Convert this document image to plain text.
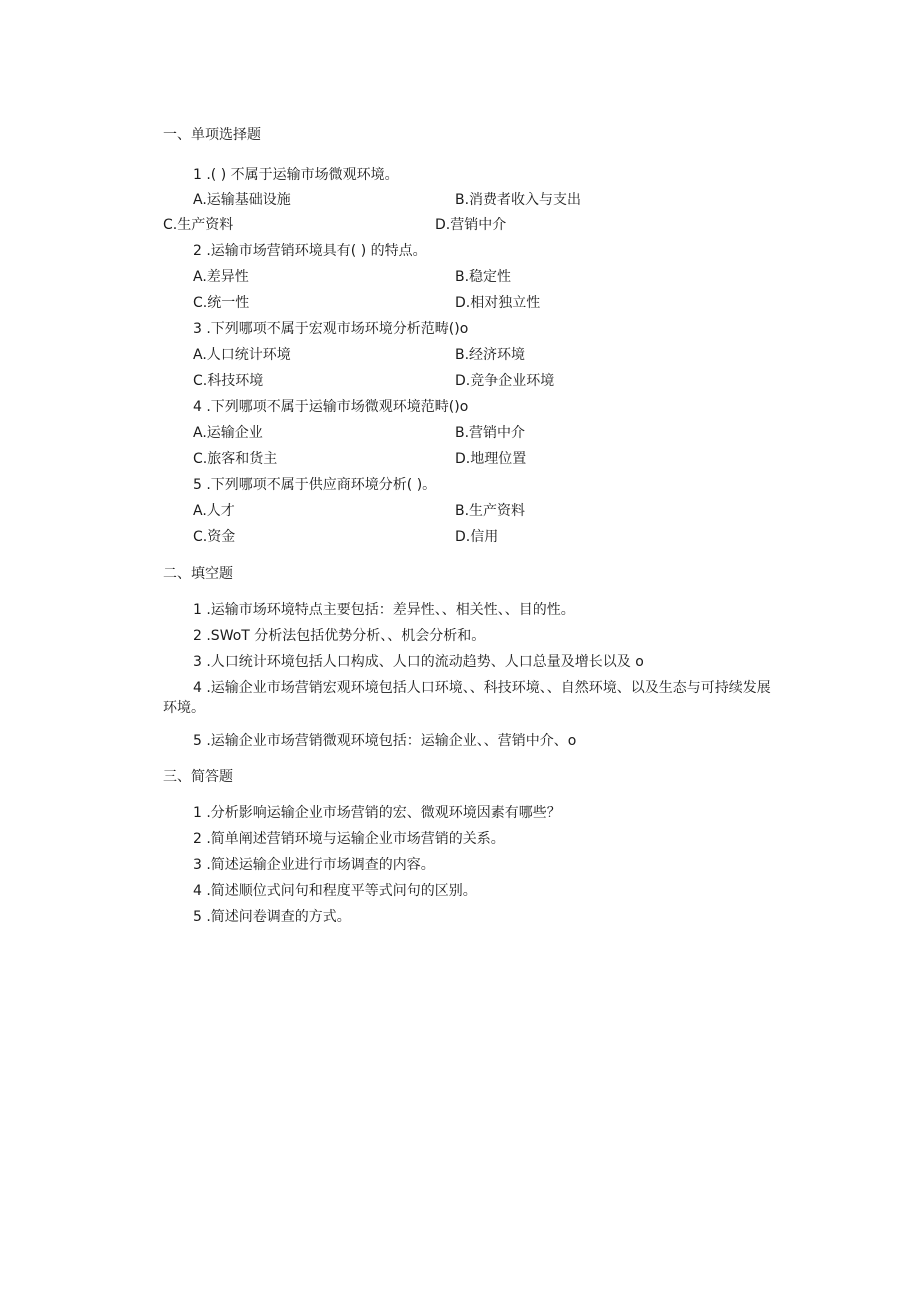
一、单项选择题
1 .( ) 不属于运输市场微观环境。
A.运输基础设施	B.消费者收入与支出
C.生产资料	D.营销中介
2 .运输市场营销环境具有( ) 的特点。
A.差异性	B.稳定性
C.统一性	D.相对独立性
3 .下列哪项不属于宏观市场环境分析范畴()o
A.人口统计环境	B.经济环境
C.科技环境	D.竞争企业环境
4 .下列哪项不属于运输市场微观环境范畤()o
A.运输企业	B.营销中介
C.旅客和货主	D.地理位置
5 .下列哪项不属于供应商环境分析( )。
A.人才	B.生产资料
C.资金	D.信用
二、填空题
1 .运输市场环境特点主要包括：差异性、、相关性、、目的性。
2 .SWoT 分析法包括优势分析、、机会分析和。
3 .人口统计环境包括人口构成、人口的流动趋势、人口总量及增长以及 o
4 .运输企业市场营销宏观环境包括人口环境、、科技环境、、自然环境、以及生态与可持续发展环境。
5 .运输企业市场营销微观环境包括：运输企业、、营销中介、o
三、简答题
1 .分析影响运输企业市场营销的宏、微观环境因素有哪些？
2 .简单阐述营销环境与运输企业市场营销的关系。
3 .简述运输企业进行市场调查的内容。
4 .简述顺位式问句和程度平等式问句的区别。
5 .简述问卷调查的方式。
